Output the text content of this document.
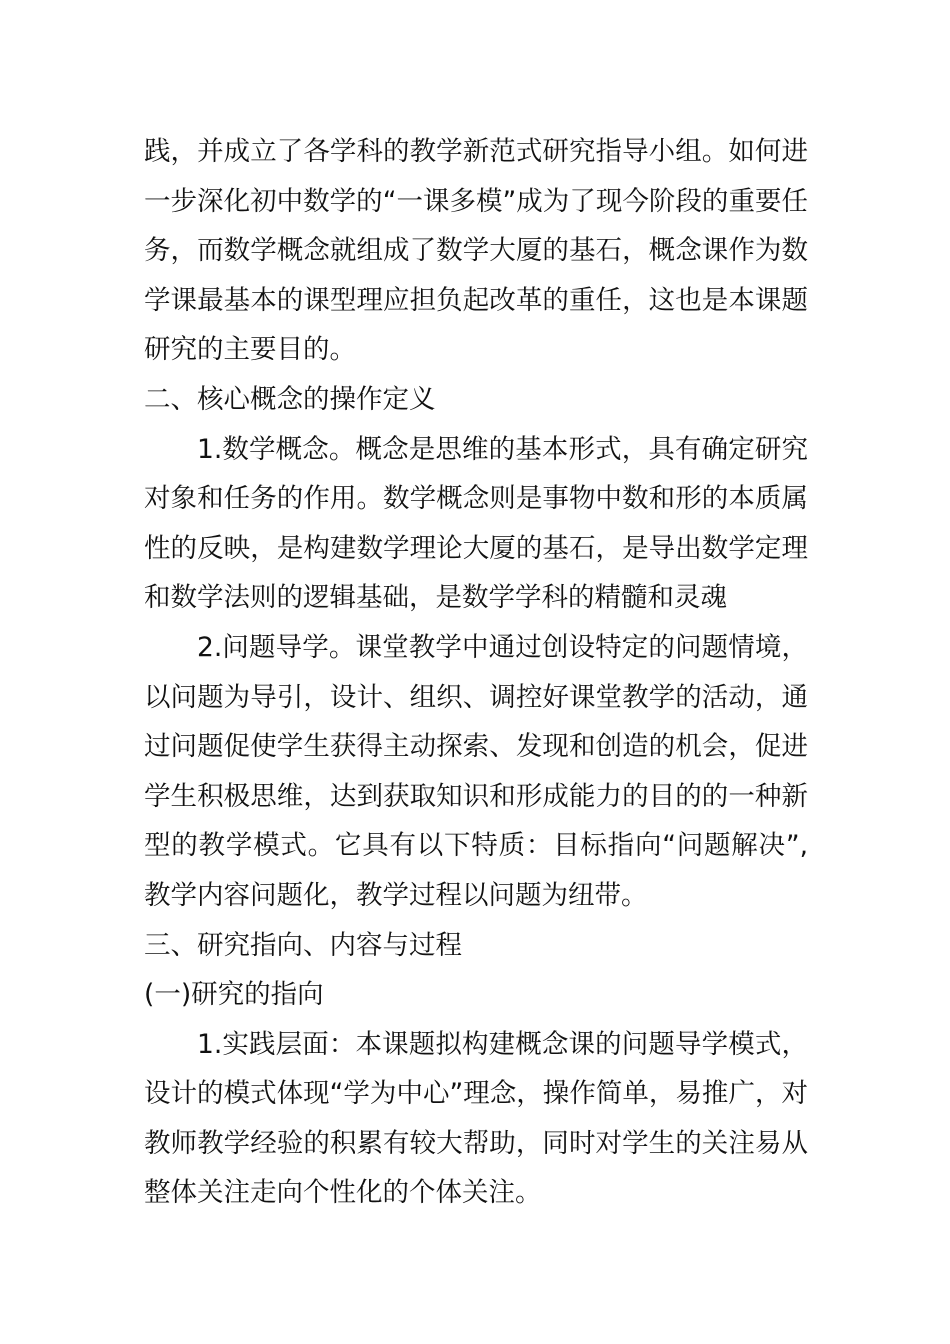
践，并成立了各学科的教学新范式研究指导小组。如何进一步深化初中数学的“一课多模”成为了现今阶段的重要任务，而数学概念就组成了数学大厦的基石，概念课作为数学课最基本的课型理应担负起改革的重任，这也是本课题研究的主要目的。

二、核心概念的操作定义

1.数学概念。概念是思维的基本形式，具有确定研究对象和任务的作用。数学概念则是事物中数和形的本质属性的反映，是构建数学理论大厦的基石，是导出数学定理和数学法则的逻辑基础，是数学学科的精髓和灵魂

2.问题导学。课堂教学中通过创设特定的问题情境，以问题为导引，设计、组织、调控好课堂教学的活动，通过问题促使学生获得主动探索、发现和创造的机会，促进学生积极思维，达到获取知识和形成能力的目的的一种新型的教学模式。它具有以下特质：目标指向“问题解决”,教学内容问题化，教学过程以问题为纽带。

三、研究指向、内容与过程

(一)研究的指向

1.实践层面：本课题拟构建概念课的问题导学模式，设计的模式体现“学为中心”理念，操作简单，易推广，对教师教学经验的积累有较大帮助，同时对学生的关注易从整体关注走向个性化的个体关注。
